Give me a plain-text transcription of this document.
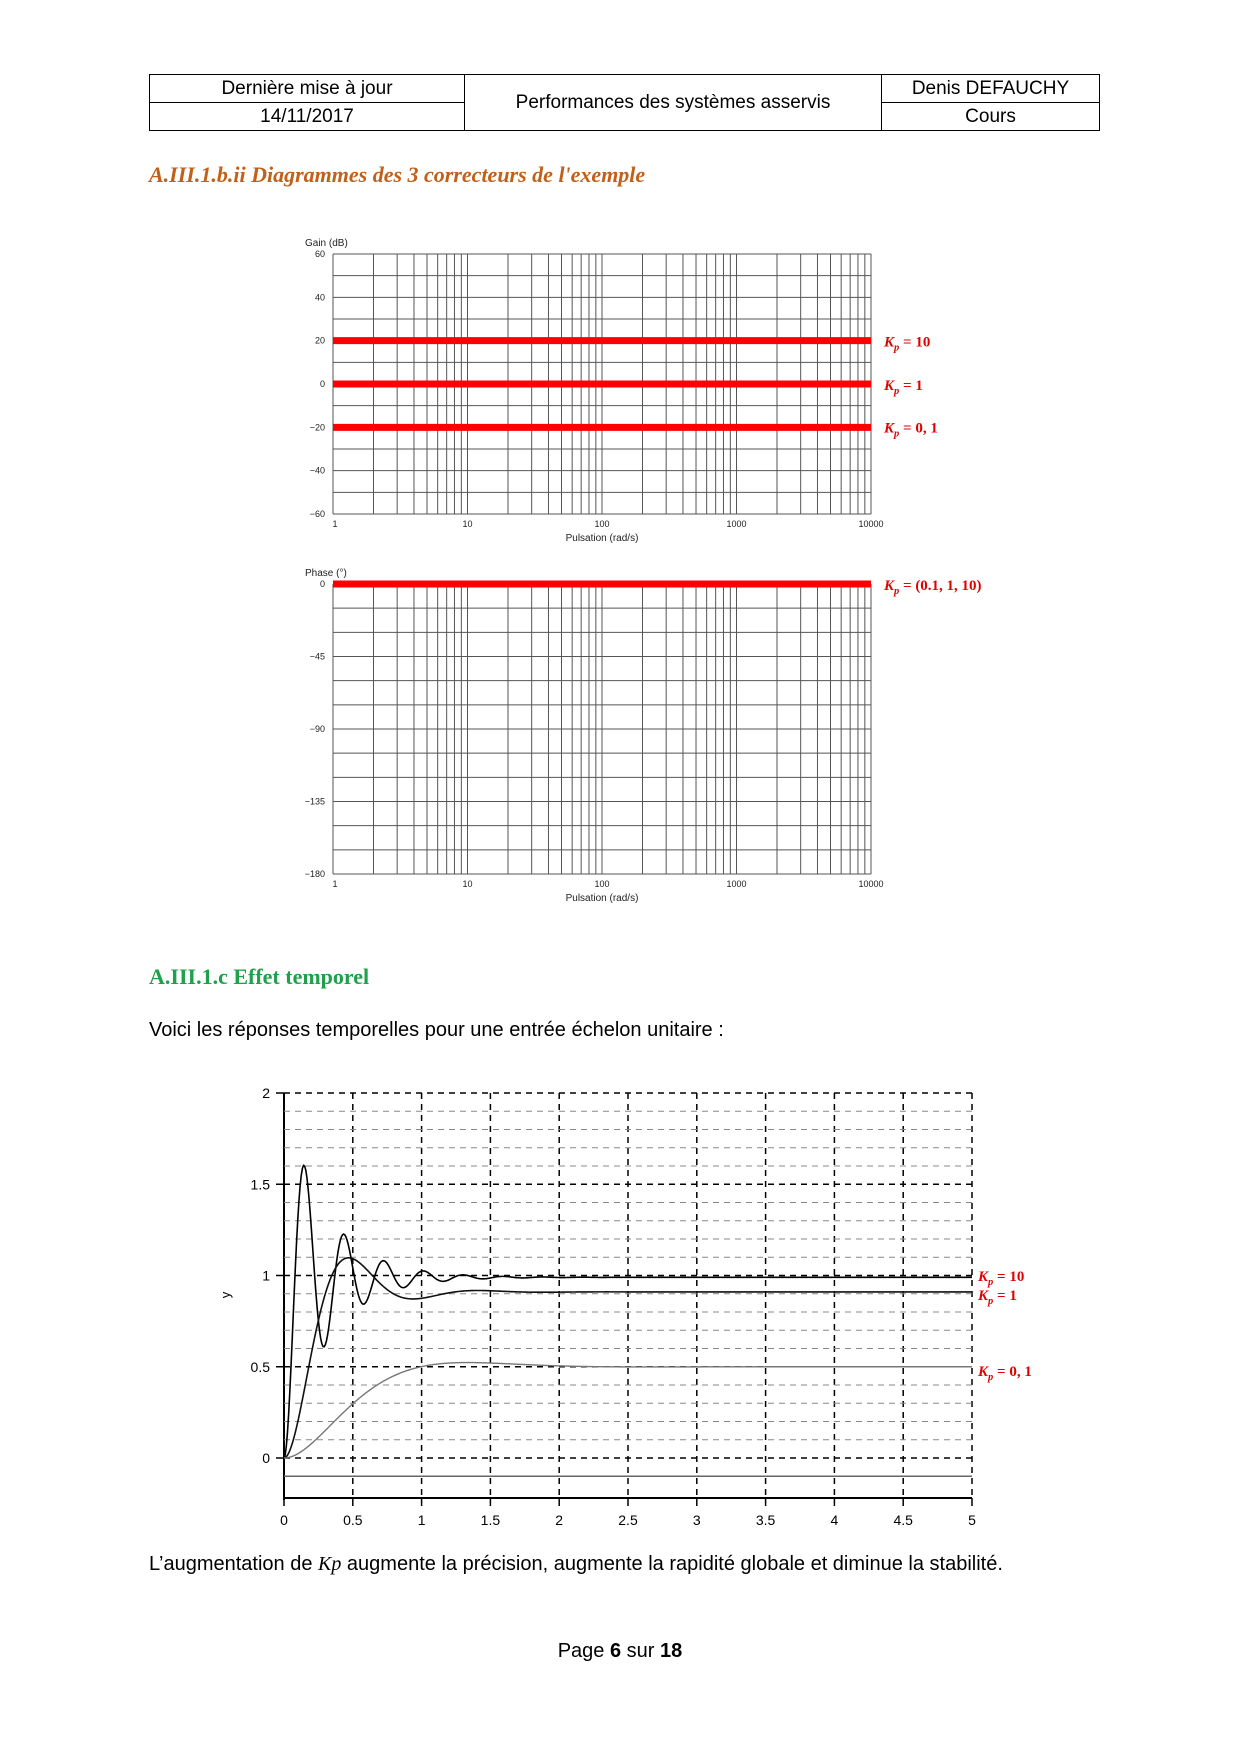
Dernière mise à jour	Performances des systèmes asservis	Denis DEFAUCHY
14/11/2017		Cours
A.III.1.b.ii Diagrammes des 3 correcteurs de l'exemple
A.III.1.c Effet temporel
Voici les réponses temporelles pour une entrée échelon unitaire :
L’augmentation de Kp augmente la précision, augmente la rapidité globale et diminue la stabilité.
Page 6 sur 18
60
40
20
0
−20
−40
−60
1	10	100	1000	10000
Pulsation (rad/s)
Gain (dB)
$K_p = 10$
$K_p = 1$
$K_p = 0$, 1
0
−45
−90
−135
−180
1	10	100	1000	10000
Pulsation (rad/s)
Phase (°)
$K_p = (0.1$, 1, 10)
0
0.5
1
1.5
2
0	0.5	1	1.5	2	2.5	3	3.5	4	4.5	5
y
$K_p = 10$
$K_p = 1$
$K_p = 0$, 1
